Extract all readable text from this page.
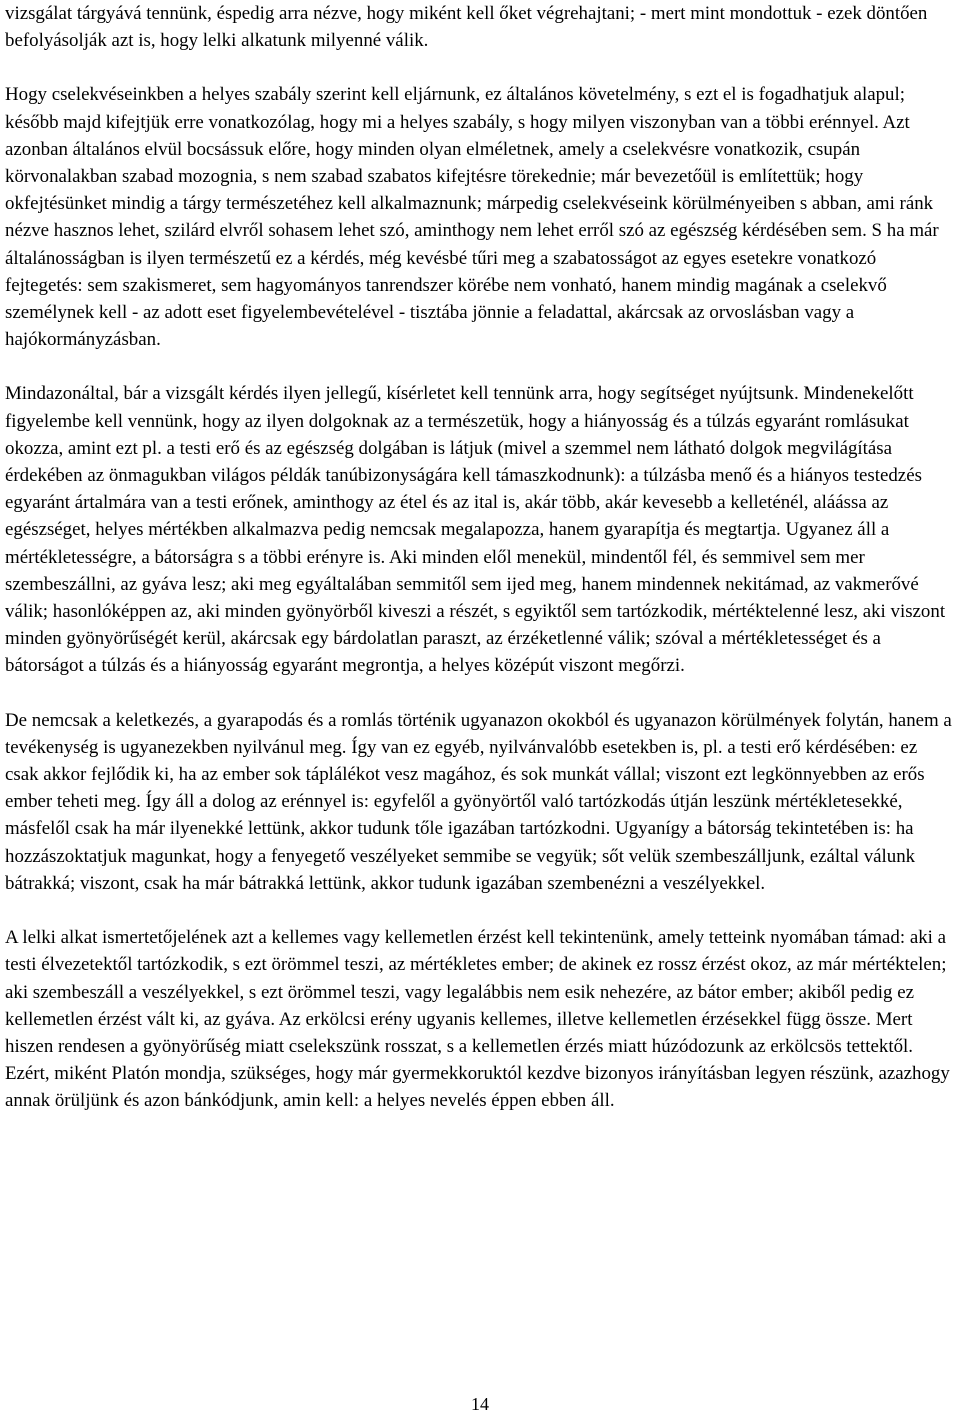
vizsgálat tárgyává tennünk, éspedig arra nézve, hogy miként kell őket végrehajtani; - mert mint mondottuk - ezek döntően befolyásolják azt is, hogy lelki alkatunk milyenné válik.

Hogy cselekvéseinkben a helyes szabály szerint kell eljárnunk, ez általános követelmény, s ezt el is fogadhatjuk alapul; később majd kifejtjük erre vonatkozólag, hogy mi a helyes szabály, s hogy milyen viszonyban van a többi erénnyel. Azt azonban általános elvül bocsássuk előre, hogy minden olyan elméletnek, amely a cselekvésre vonatkozik, csupán körvonalakban szabad mozognia, s nem szabad szabatos kifejtésre törekednie; már bevezetőül is említettük; hogy okfejtésünket mindig a tárgy természetéhez kell alkalmaznunk; márpedig cselekvéseink körülményeiben s abban, ami ránk nézve hasznos lehet, szilárd elvről sohasem lehet szó, aminthogy nem lehet erről szó az egészség kérdésében sem. S ha már általánosságban is ilyen természetű ez a kérdés, még kevésbé tűri meg a szabatosságot az egyes esetekre vonatkozó fejtegetés: sem szakismeret, sem hagyományos tanrendszer körébe nem vonható, hanem mindig magának a cselekvő személynek kell - az adott eset figyelembevételével - tisztába jönnie a feladattal, akárcsak az orvoslásban vagy a hajókormányzásban.

Mindazonáltal, bár a vizsgált kérdés ilyen jellegű, kísérletet kell tennünk arra, hogy segítséget nyújtsunk. Mindenekelőtt figyelembe kell vennünk, hogy az ilyen dolgoknak az a természetük, hogy a hiányosság és a túlzás egyaránt romlásukat okozza, amint ezt pl. a testi erő és az egészség dolgában is látjuk (mivel a szemmel nem látható dolgok megvilágítása érdekében az önmagukban világos példák tanúbizonyságára kell támaszkodnunk): a túlzásba menő és a hiányos testedzés egyaránt ártalmára van a testi erőnek, aminthogy az étel és az ital is, akár több, akár kevesebb a kelleténél, aláássa az egészséget, helyes mértékben alkalmazva pedig nemcsak megalapozza, hanem gyarapítja és megtartja. Ugyanez áll a mértékletességre, a bátorságra s a többi erényre is. Aki minden elől menekül, mindentől fél, és semmivel sem mer szembeszállni, az gyáva lesz; aki meg egyáltalában semmitől sem ijed meg, hanem mindennek nekitámad, az vakmerővé válik; hasonlóképpen az, aki minden gyönyörből kiveszi a részét, s egyiktől sem tartózkodik, mértéktelenné lesz, aki viszont minden gyönyörűségét kerül, akárcsak egy bárdolatlan paraszt, az érzéketlenné válik; szóval a mértékletességet és a bátorságot a túlzás és a hiányosság egyaránt megrontja, a helyes középút viszont megőrzi.

De nemcsak a keletkezés, a gyarapodás és a romlás történik ugyanazon okokból és ugyanazon körülmények folytán, hanem a tevékenység is ugyanezekben nyilvánul meg. Így van ez egyéb, nyilvánvalóbb esetekben is, pl. a testi erő kérdésében: ez csak akkor fejlődik ki, ha az ember sok táplálékot vesz magához, és sok munkát vállal; viszont ezt legkönnyebben az erős ember teheti meg. Így áll a dolog az erénnyel is: egyfelől a gyönyörtől való tartózkodás útján leszünk mértékletesekké, másfelől csak ha már ilyenekké lettünk, akkor tudunk tőle igazában tartózkodni. Ugyanígy a bátorság tekintetében is: ha hozzászoktatjuk magunkat, hogy a fenyegető veszélyeket semmibe se vegyük; sőt velük szembeszálljunk, ezáltal válunk bátrakká; viszont, csak ha már bátrakká lettünk, akkor tudunk igazában szembenézni a veszélyekkel.

A lelki alkat ismertetőjelének azt a kellemes vagy kellemetlen érzést kell tekintenünk, amely tetteink nyomában támad: aki a testi élvezetektől tartózkodik, s ezt örömmel teszi, az mértékletes ember; de akinek ez rossz érzést okoz, az már mértéktelen; aki szembeszáll a veszélyekkel, s ezt örömmel teszi, vagy legalábbis nem esik nehezére, az bátor ember; akiből pedig ez kellemetlen érzést vált ki, az gyáva. Az erkölcsi erény ugyanis kellemes, illetve kellemetlen érzésekkel függ össze. Mert hiszen rendesen a gyönyörűség miatt cselekszünk rosszat, s a kellemetlen érzés miatt húzódozunk az erkölcsös tettektől. Ezért, miként Platón mondja, szükséges, hogy már gyermekkoruktól kezdve bizonyos irányításban legyen részünk, azazhogy annak örüljünk és azon bánkódjunk, amin kell: a helyes nevelés éppen ebben áll.

14
